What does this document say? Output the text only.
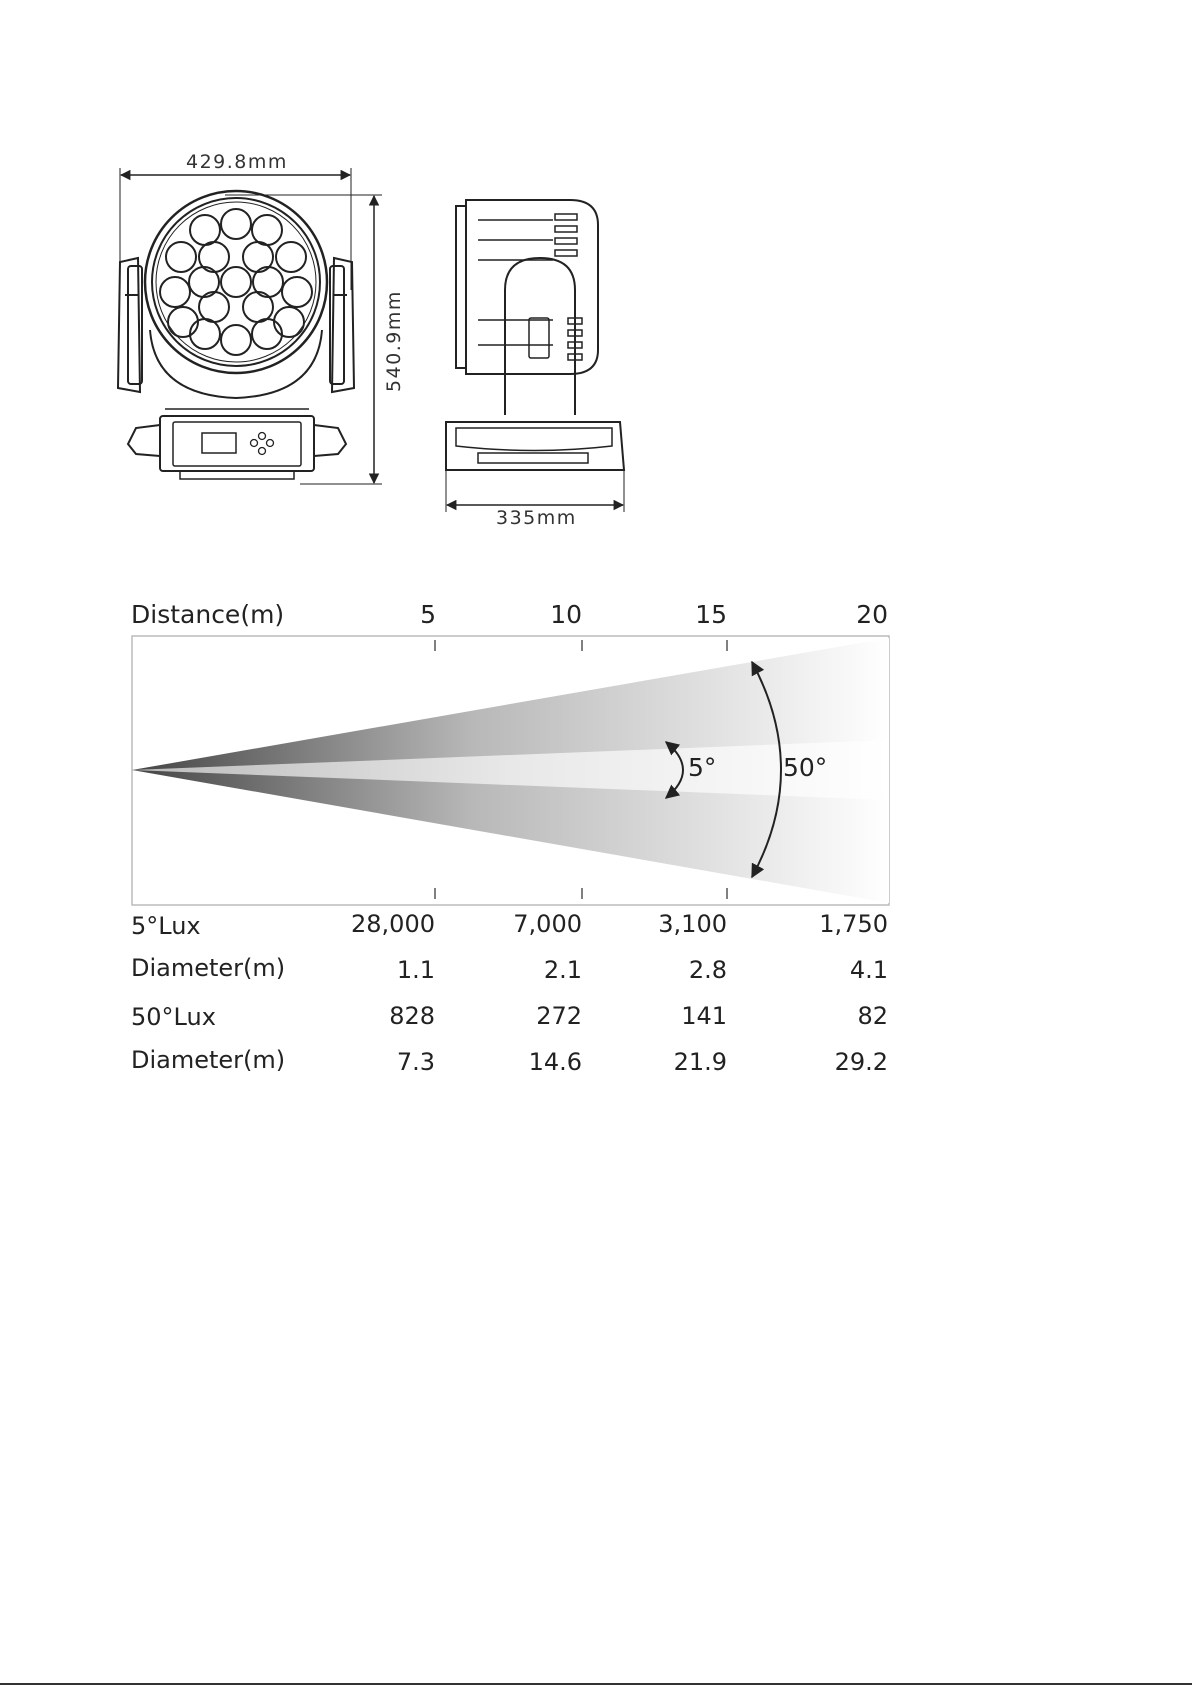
429.8mm
540.9mm
335mm
Distance(m)	5	10	15	20
5°	50°
5°Lux	28,000	7,000	3,100	1,750
Diameter(m)	1.1	2.1	2.8	4.1
50°Lux	828	272	141	82
Diameter(m)	7.3	14.6	21.9	29.2
